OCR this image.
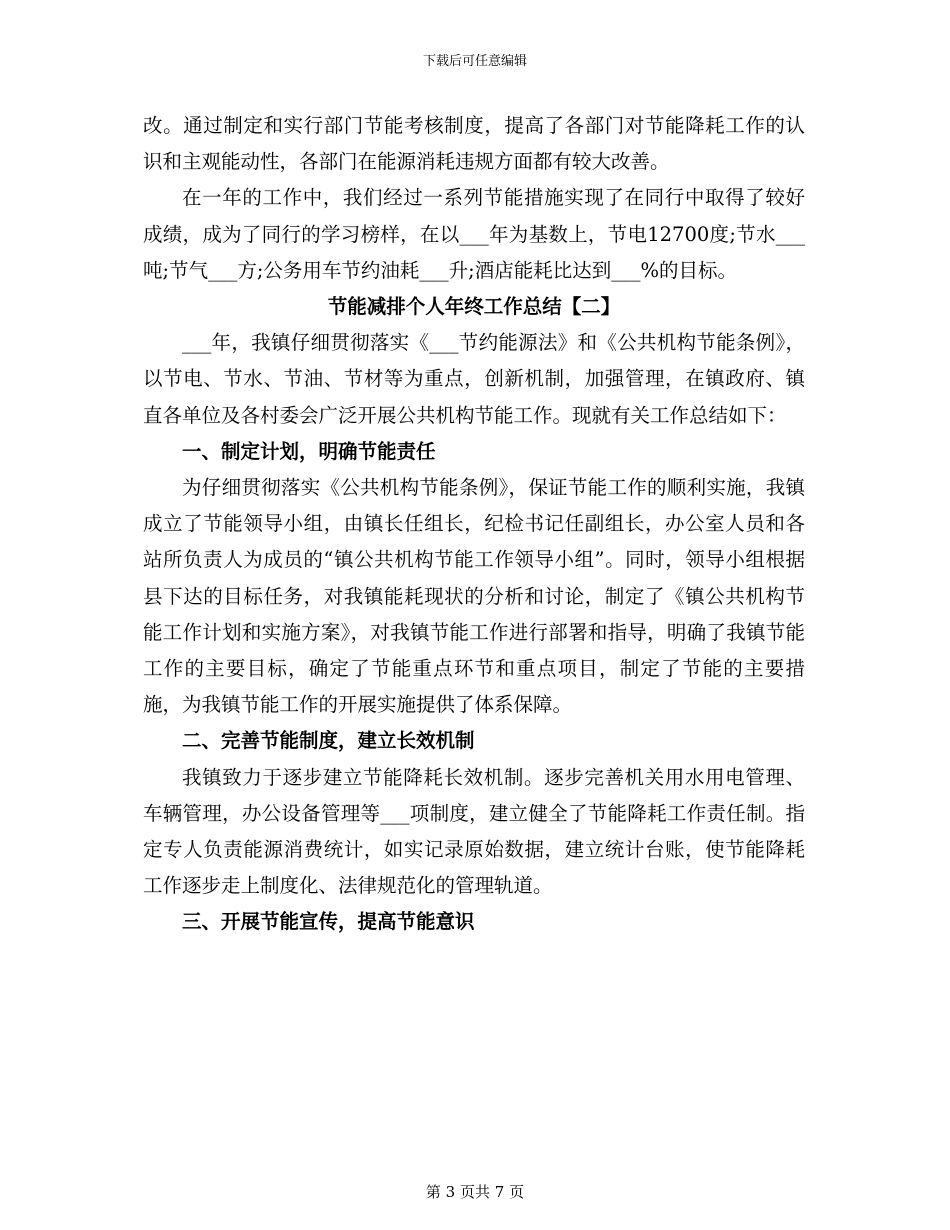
下载后可任意编辑

改。通过制定和实行部门节能考核制度，提高了各部门对节能降耗工作的认识和主观能动性，各部门在能源消耗违规方面都有较大改善。

在一年的工作中，我们经过一系列节能措施实现了在同行中取得了较好成绩，成为了同行的学习榜样，在以___年为基数上，节电12700度;节水___吨;节气___方;公务用车节约油耗___升;酒店能耗比达到___%的目标。

节能减排个人年终工作总结【二】

___年，我镇仔细贯彻落实《___节约能源法》和《公共机构节能条例》，以节电、节水、节油、节材等为重点，创新机制，加强管理，在镇政府、镇直各单位及各村委会广泛开展公共机构节能工作。现就有关工作总结如下：

一、制定计划，明确节能责任

为仔细贯彻落实《公共机构节能条例》，保证节能工作的顺利实施，我镇成立了节能领导小组，由镇长任组长，纪检书记任副组长，办公室人员和各站所负责人为成员的“镇公共机构节能工作领导小组”。同时，领导小组根据县下达的目标任务，对我镇能耗现状的分析和讨论，制定了《镇公共机构节能工作计划和实施方案》，对我镇节能工作进行部署和指导，明确了我镇节能工作的主要目标，确定了节能重点环节和重点项目，制定了节能的主要措施，为我镇节能工作的开展实施提供了体系保障。

二、完善节能制度，建立长效机制

我镇致力于逐步建立节能降耗长效机制。逐步完善机关用水用电管理、车辆管理，办公设备管理等___项制度，建立健全了节能降耗工作责任制。指定专人负责能源消费统计，如实记录原始数据，建立统计台账，使节能降耗工作逐步走上制度化、法律规范化的管理轨道。

三、开展节能宣传，提高节能意识

第 3 页共 7 页
